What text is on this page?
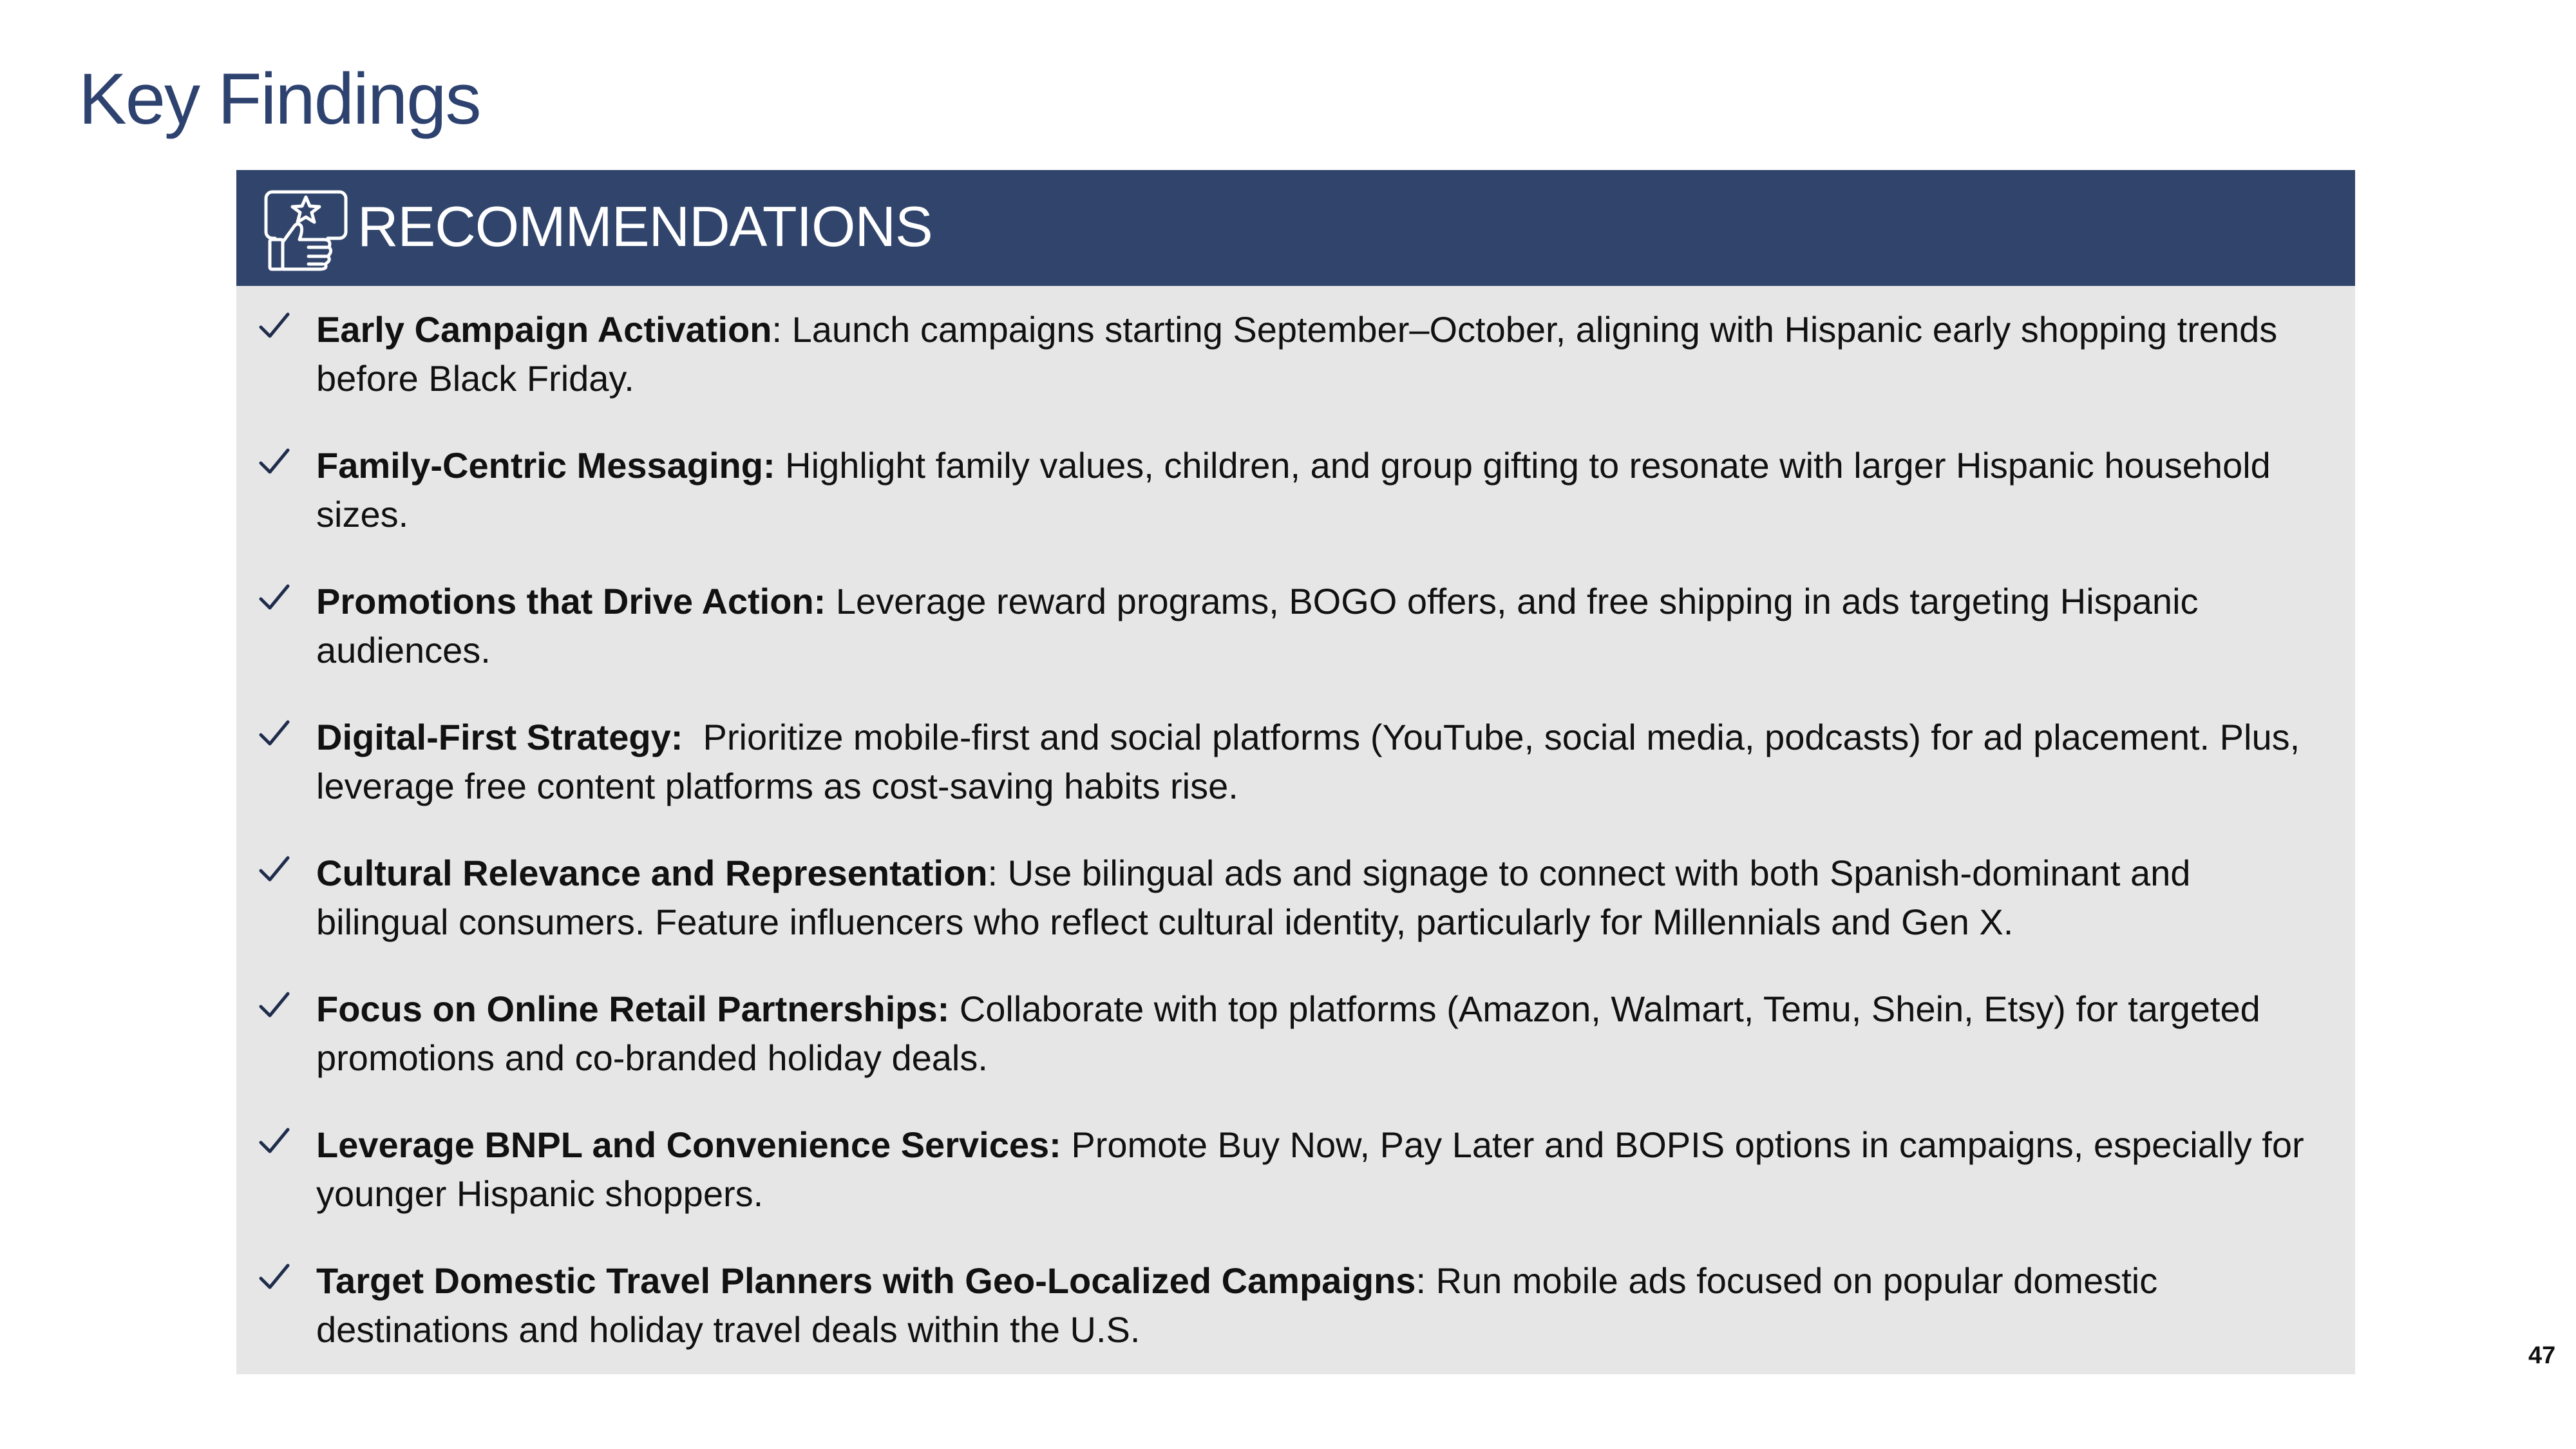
Key Findings
RECOMMENDATIONS
Early Campaign Activation: Launch campaigns starting September–October, aligning with Hispanic early shopping trends before Black Friday.
Family-Centric Messaging: Highlight family values, children, and group gifting to resonate with larger Hispanic household sizes.
Promotions that Drive Action: Leverage reward programs, BOGO offers, and free shipping in ads targeting Hispanic audiences.
Digital-First Strategy: Prioritize mobile-first and social platforms (YouTube, social media, podcasts) for ad placement. Plus, leverage free content platforms as cost-saving habits rise.
Cultural Relevance and Representation: Use bilingual ads and signage to connect with both Spanish-dominant and bilingual consumers. Feature influencers who reflect cultural identity, particularly for Millennials and Gen X.
Focus on Online Retail Partnerships: Collaborate with top platforms (Amazon, Walmart, Temu, Shein, Etsy) for targeted promotions and co-branded holiday deals.
Leverage BNPL and Convenience Services: Promote Buy Now, Pay Later and BOPIS options in campaigns, especially for younger Hispanic shoppers.
Target Domestic Travel Planners with Geo-Localized Campaigns: Run mobile ads focused on popular domestic destinations and holiday travel deals within the U.S.
47
